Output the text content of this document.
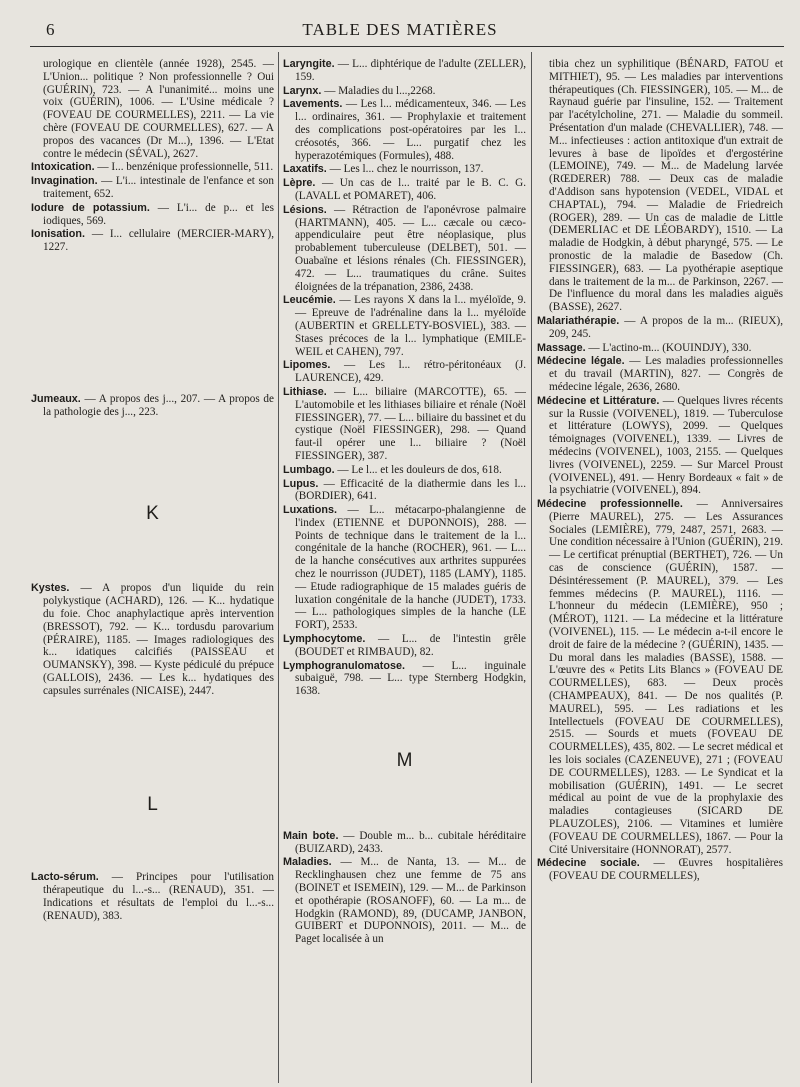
6	TABLE DES MATIÈRES

urologique en clientèle (année 1928), 2545. — L'Union... politique ? Non professionnelle ? Oui (GUÉRIN), 723. — A l'unanimité... moins une voix (GUÉRIN), 1006. — L'Usine médicale ? (FOVEAU DE COURMELLES), 2211. — La vie chère (FOVEAU DE COURMELLES), 627. — A propos des vacances (Dr M...), 1396. — L'Etat contre le médecin (SÉVAL), 2627.

Intoxication. — I... benzénique professionnelle, 511.

Invagination. — L'i... intestinale de l'enfance et son traitement, 652.

Iodure de potassium. — L'i... de p... et les iodiques, 569.

Ionisation. — I... cellulaire (MERCIER-MARY), 1227.

Jumeaux. — A propos des j..., 207. — A propos de la pathologie des j..., 223.

K

Kystes. — A propos d'un liquide du rein polykystique (ACHARD), 126. — K... hydatique du foie. Choc anaphylactique après intervention (BRESSOT), 792. — K... tordusdu parovarium (PÉRAIRE), 1185. — Images radiologiques des k... idatiques calcifiés (PAISSEAU et OUMANSKY), 398. — Kyste pédiculé du prépuce (GALLOIS), 2436. — Les k... hydatiques des capsules surrénales (NICAISE), 2447.

L

Lacto-sérum. — Principes pour l'utilisation thérapeutique du l...-s... (RENAUD), 351. — Indications et résultats de l'emploi du l...-s... (RENAUD), 383.

Laryngite. — L... diphtérique de l'adulte (ZELLER), 159.

Larynx. — Maladies du l...,2268.

Lavements. — Les l... médicamenteux, 346. — Les l... ordinaires, 361. — Prophylaxie et traitement des complications post-opératoires par les l... créosotés, 366. — L... purgatif chez les hyperazotémiques (Formules), 488.

Laxatifs. — Les l... chez le nourrisson, 137.

Lèpre. — Un cas de l... traité par le B. C. G. (LAVALL et POMARET), 406.

Lésions. — Rétraction de l'aponévrose palmaire (HARTMANN), 405. — L... cæcale ou cæco-appendiculaire peut être néoplasique, plus probablement tuberculeuse (DELBET), 501. — Ouabaïne et lésions rénales (Ch. FIESSINGER), 472. — L... traumatiques du crâne. Suites éloignées de la trépanation, 2386, 2438.

Leucémie. — Les rayons X dans la l... myéloïde, 9. — Epreuve de l'adrénaline dans la l... myéloïde (AUBERTIN et GRELLETY-BOSVIEL), 383. — Stases précoces de la l... lymphatique (EMILE-WEIL et CAHEN), 797.

Lipomes. — Les l... rétro-péritonéaux (J. LAURENCE), 429.

Lithiase. — L... biliaire (MARCOTTE), 65. — L'automobile et les lithiases biliaire et rénale (Noël FIESSINGER), 77. — L... biliaire du bassinet et du cystique (Noël FIESSINGER), 298. — Quand faut-il opérer une l... biliaire ? (Noël FIESSINGER), 387.

Lumbago. — Le l... et les douleurs de dos, 618.

Lupus. — Efficacité de la diathermie dans les l... (BORDIER), 641.

Luxations. — L... métacarpo-phalangienne de l'index (ETIENNE et DUPONNOIS), 288. — Points de technique dans le traitement de la l... congénitale de la hanche (ROCHER), 961. — L... de la hanche consécutives aux arthrites suppurées chez le nourrisson (JUDET), 1185 (LAMY), 1185. — Etude radiographique de 15 malades guéris de luxation congénitale de la hanche (JUDET), 1733. — L... pathologiques simples de la hanche (LE FORT), 2533.

Lymphocytome. — L... de l'intestin grêle (BOUDET et RIMBAUD), 82.

Lymphogranulomatose. — L... inguinale subaiguë, 798. — L... type Sternberg Hodgkin, 1638.

M

Main bote. — Double m... b... cubitale héréditaire (BUIZARD), 2433.

Maladies. — M... de Nanta, 13. — M... de Recklinghausen chez une femme de 75 ans (BOINET et ISEMEIN), 129. — M... de Parkinson et opothérapie (ROSANOFF), 60. — La m... de Hodgkin (RAMOND), 89, (DUCAMP, JANBON, GUIBERT et DUPONNOIS), 2011. — M... de Paget localisée à un

tibia chez un syphilitique (BÉNARD, FATOU et MITHIET), 95. — Les maladies par interventions thérapeutiques (Ch. FIESSINGER), 105. — M... de Raynaud guérie par l'insuline, 152. — Traitement par l'acétylcholine, 271. — Maladie du sommeil. Présentation d'un malade (CHEVALLIER), 748. — M... infectieuses : action antitoxique d'un extrait de levures à base de lipoïdes et d'ergostérine (LEMOINE), 749. — M... de Madelung larvée (RŒDERER) 788. — Deux cas de maladie d'Addison sans hypotension (VEDEL, VIDAL et CHAPTAL), 794. — Maladie de Friedreich (ROGER), 289. — Un cas de maladie de Little (DEMERLIAC et DE LÉOBARDY), 1510. — La maladie de Hodgkin, à début pharyngé, 575. — Le pronostic de la maladie de Basedow (Ch. FIESSINGER), 683. — La pyothérapie aseptique dans le traitement de la m... de Parkinson, 2267. — De l'influence du moral dans les maladies aiguës (BASSE), 2627.

Malariathérapie. — A propos de la m... (RIEUX), 209, 245.

Massage. — L'actino-m... (KOUINDJY), 330.

Médecine légale. — Les maladies professionnelles et du travail (MARTIN), 827. — Congrès de médecine légale, 2636, 2680.

Médecine et Littérature. — Quelques livres récents sur la Russie (VOIVENEL), 1819. — Tuberculose et littérature (LOWYS), 2099. — Quelques témoignages (VOIVENEL), 1339. — Livres de médecins (VOIVENEL), 1003, 2155. — Quelques livres (VOIVENEL), 2259. — Sur Marcel Proust (VOIVENEL), 491. — Henry Bordeaux « fait » de la psychiatrie (VOIVENEL), 894.

Médecine professionnelle. — Anniversaires (Pierre MAUREL), 275. — Les Assurances Sociales (LEMIÈRE), 779, 2487, 2571, 2683. — Une condition nécessaire à l'Union (GUÉRIN), 219. — Le certificat prénuptial (BERTHET), 726. — Un cas de conscience (GUÉRIN), 1587. — Désintéressement (P. MAUREL), 379. — Les femmes médecins (P. MAUREL), 1116. — L'honneur du médecin (LEMIÈRE), 950 ; (MÉROT), 1121. — La médecine et la littérature (VOIVENEL), 115. — Le médecin a-t-il encore le droit de faire de la médecine ? (GUÉRIN), 1435. — Du moral dans les maladies (BASSE), 1588. — L'œuvre des « Petits Lits Blancs » (FOVEAU DE COURMELLES), 683. — Deux procès (CHAMPEAUX), 841. — De nos qualités (P. MAUREL), 595. — Les radiations et les Intellectuels (FOVEAU DE COURMELLES), 2515. — Sourds et muets (FOVEAU DE COURMELLES), 435, 802. — Le secret médical et les lois sociales (CAZENEUVE), 271 ; (FOVEAU DE COURMELLES), 1283. — Le Syndicat et la mobilisation (GUÉRIN), 1491. — Le secret médical au point de vue de la prophylaxie des maladies contagieuses (SICARD DE PLAUZOLES), 2106. — Vitamines et lumière (FOVEAU DE COURMELLES), 1867. — Pour la Cité Universitaire (HONNORAT), 2577.

Médecine sociale. — Œuvres hospitalières (FOVEAU DE COURMELLES),
